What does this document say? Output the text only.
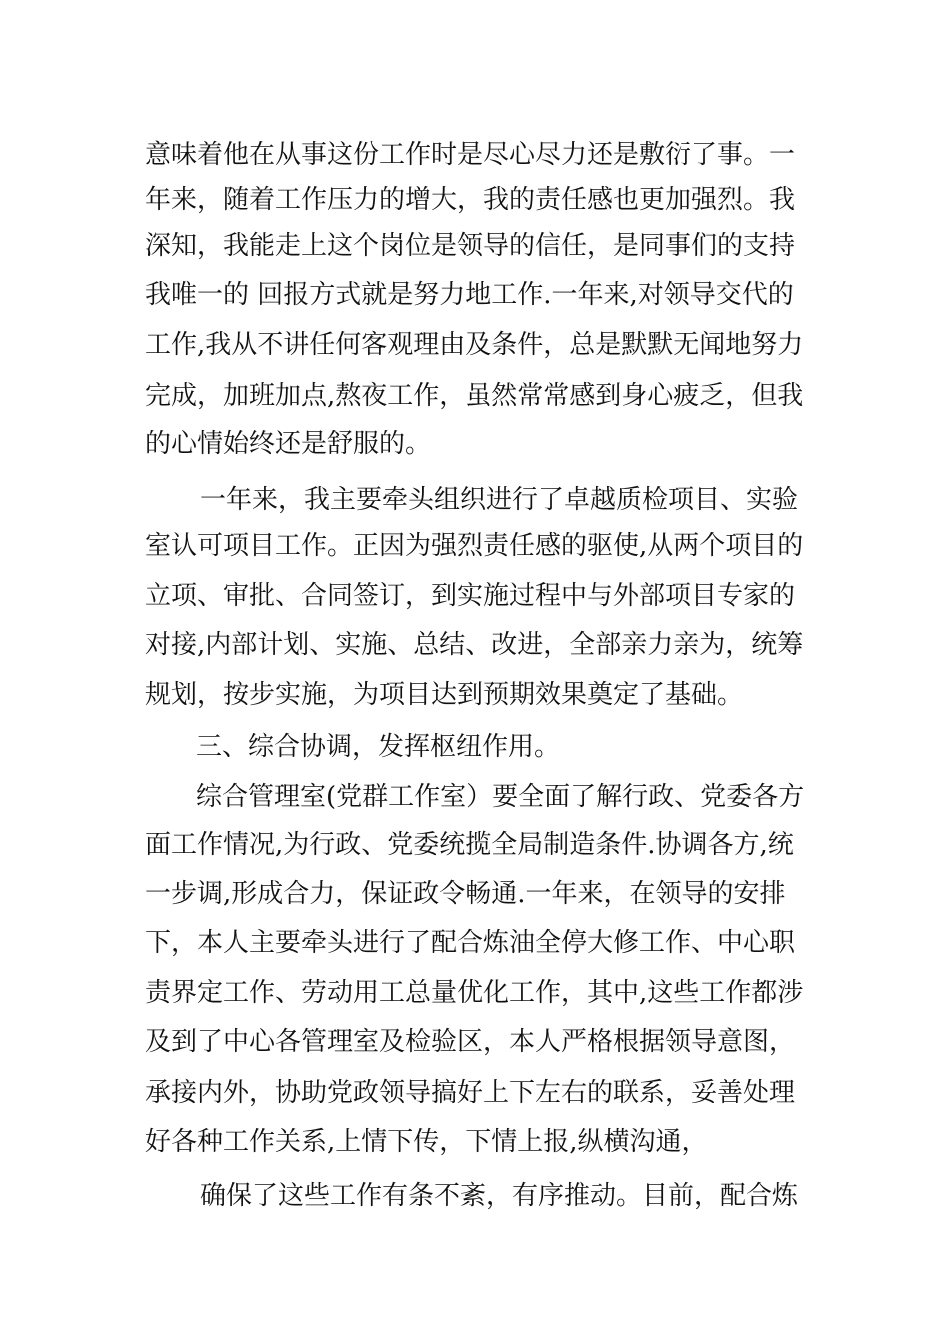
意味着他在从事这份工作时是尽心尽力还是敷衍了事。一
年来，随着工作压力的增大，我的责任感也更加强烈。我
深知，我能走上这个岗位是领导的信任，是同事们的支持
我唯一的 回报方式就是努力地工作.一年来,对领导交代的
工作,我从不讲任何客观理由及条件，总是默默无闻地努力
完成，加班加点,熬夜工作，虽然常常感到身心疲乏，但我
的心情始终还是舒服的。
一年来，我主要牵头组织进行了卓越质检项目、实验
室认可项目工作。正因为强烈责任感的驱使,从两个项目的
立项、审批、合同签订，到实施过程中与外部项目专家的
对接,内部计划、实施、总结、改进，全部亲力亲为，统筹
规划，按步实施，为项目达到预期效果奠定了基础。
三、综合协调，发挥枢纽作用。
综合管理室(党群工作室）要全面了解行政、党委各方
面工作情况,为行政、党委统揽全局制造条件.协调各方,统
一步调,形成合力，保证政令畅通.一年来，在领导的安排
下，本人主要牵头进行了配合炼油全停大修工作、中心职
责界定工作、劳动用工总量优化工作，其中,这些工作都涉
及到了中心各管理室及检验区，本人严格根据领导意图，
承接内外，协助党政领导搞好上下左右的联系，妥善处理
好各种工作关系,上情下传，下情上报,纵横沟通，
确保了这些工作有条不紊，有序推动。目前，配合炼
